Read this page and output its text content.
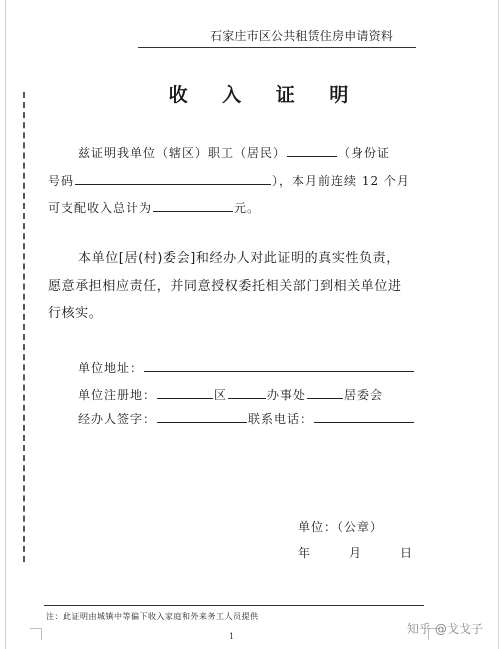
石家庄市区公共租赁住房申请资料
收 入 证 明
兹证明我单位（辖区）职工（居民）	（身份证
号码	），本月前连续 12 个月
可支配收入总计为	元。
本单位[居(村)委会]和经办人对此证明的真实性负责，
愿意承担相应责任，并同意授权委托相关部门到相关单位进
行核实。
单位地址：
单位注册地：	区	办事处	居委会
经办人签字：	联系电话：
单位：（公章）
年　　月　　日
注：此证明由城镇中等偏下收入家庭和外来务工人员提供
1
知乎 @戈戈子
